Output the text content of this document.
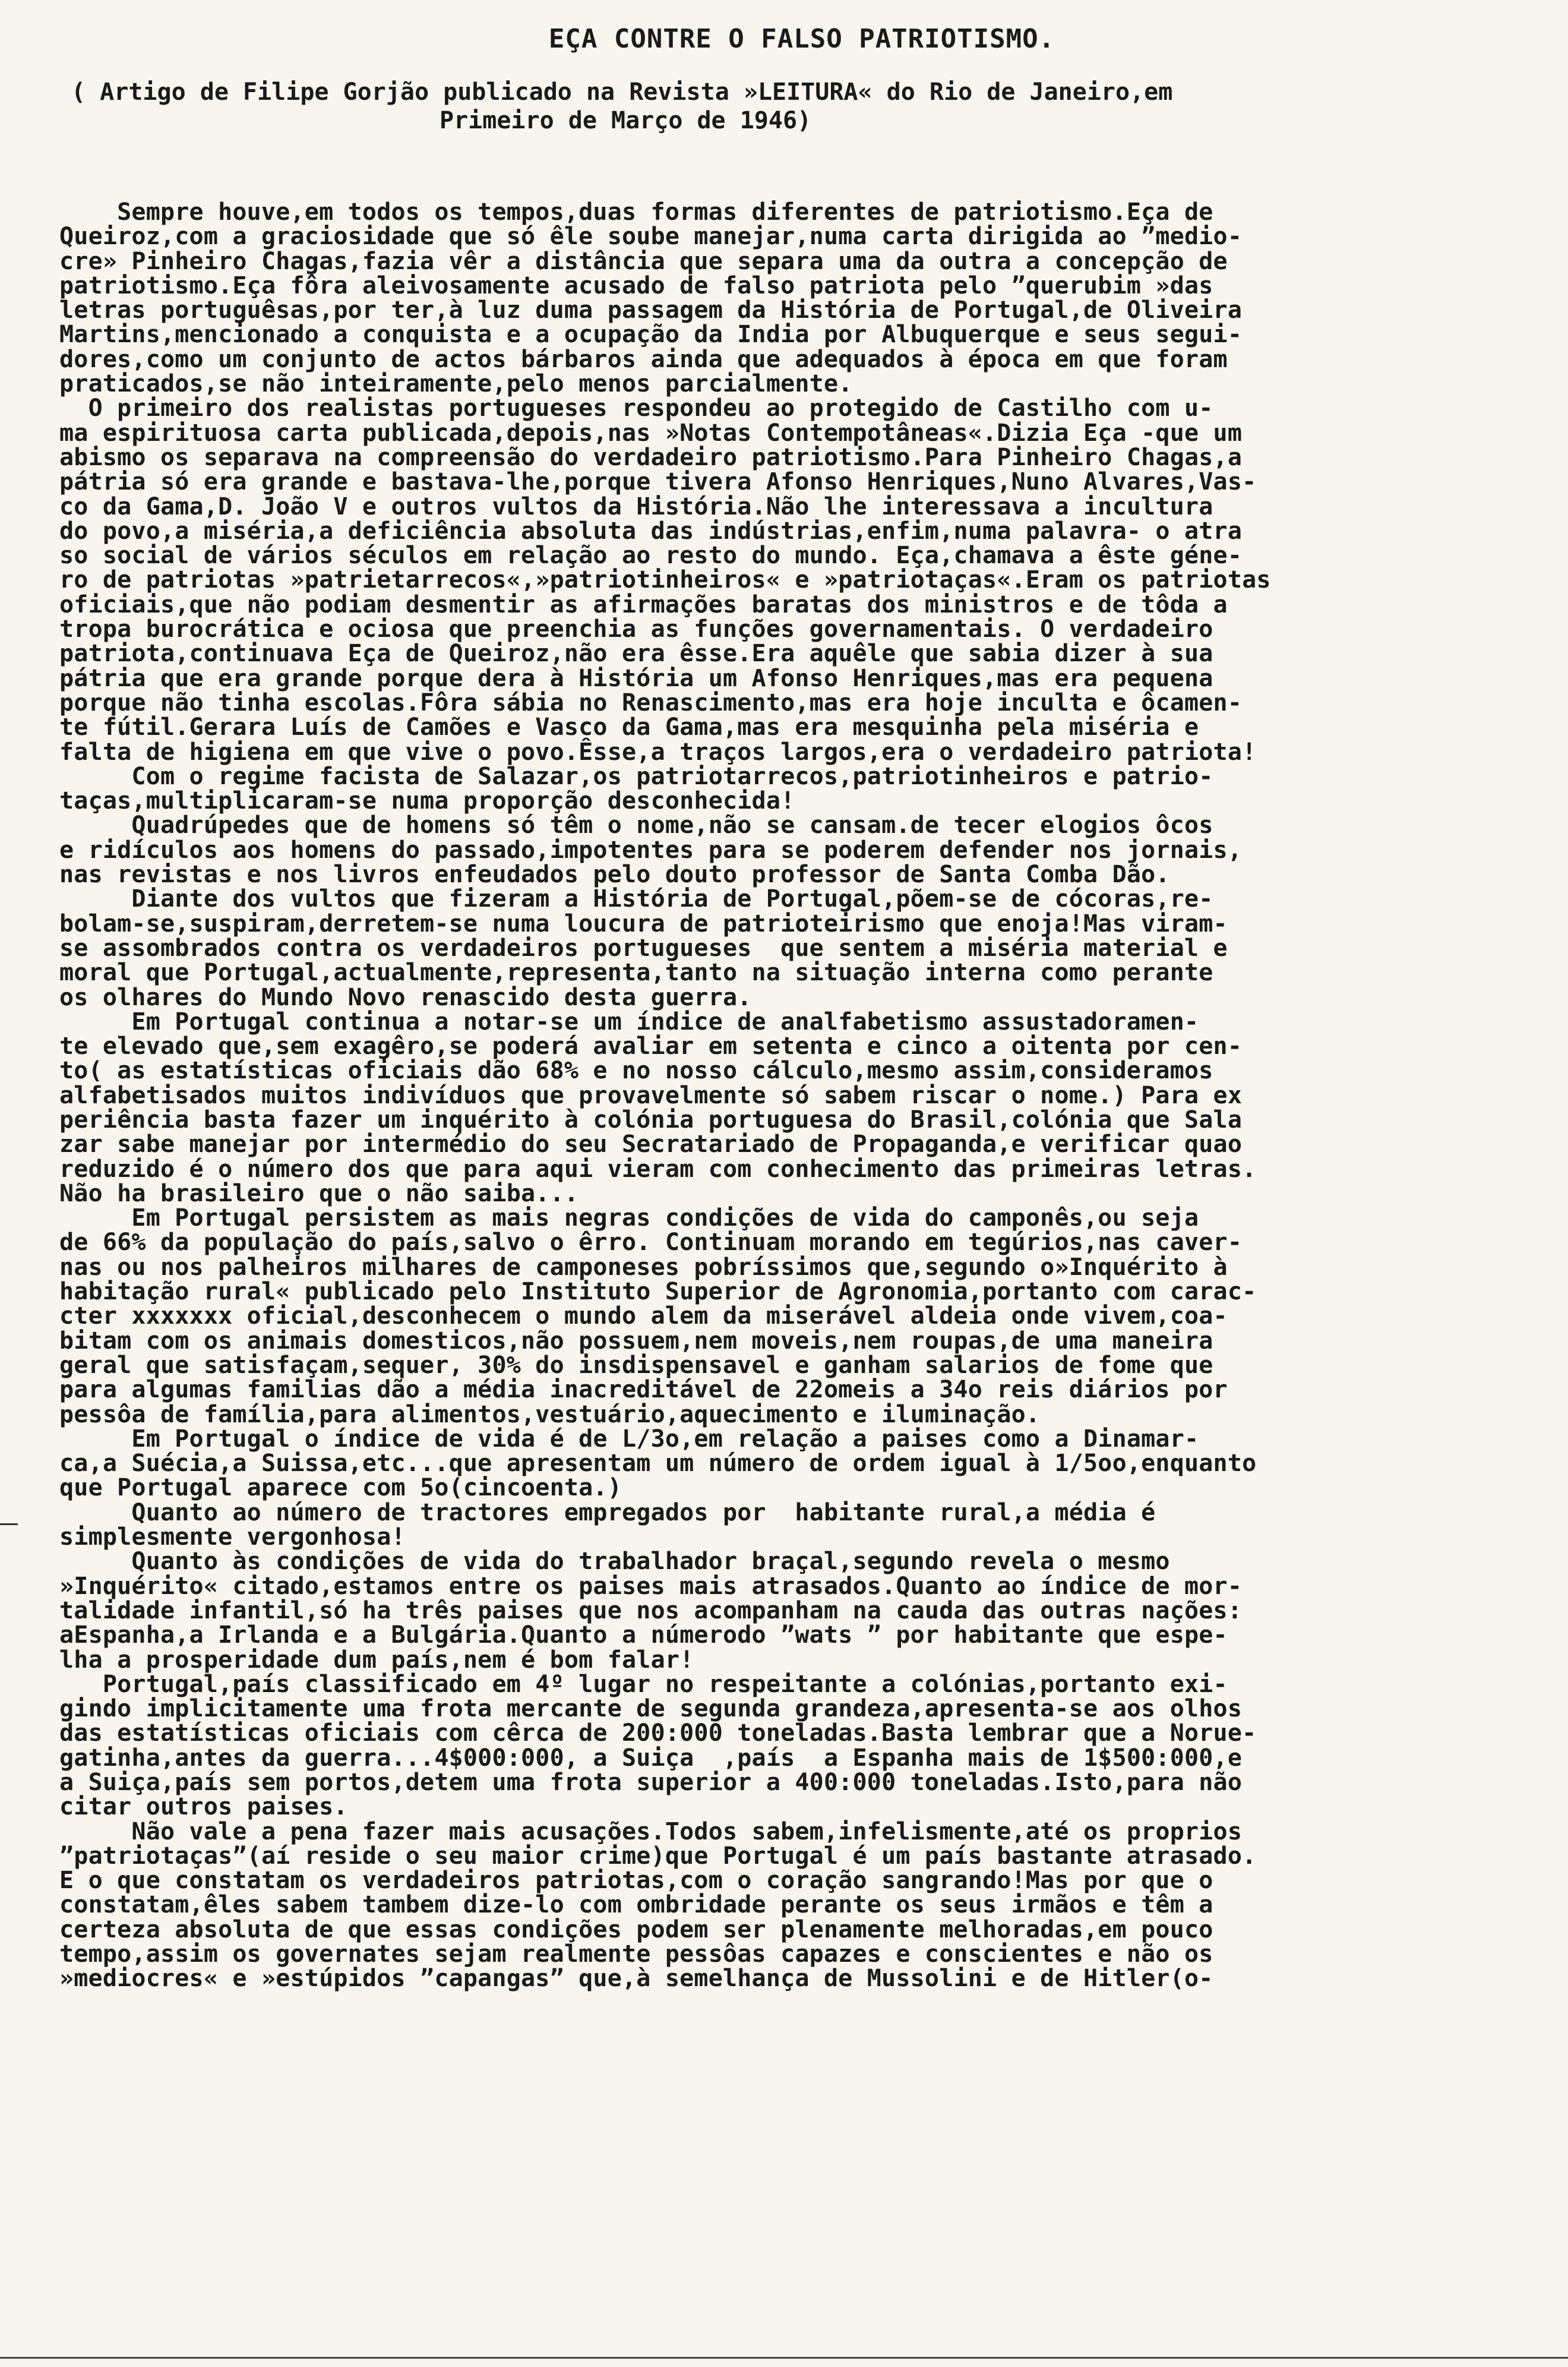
EÇA CONTRE O FALSO PATRIOTISMO.
( Artigo de Filipe Gorjão publicado na Revista »LEITURA« do Rio de Janeiro,em
Primeiro de Março de 1946)
Sempre houve,em todos os tempos,duas formas diferentes de patriotismo.Eça de
Queiroz,com a graciosidade que só êle soube manejar,numa carta dirigida ao ”medio-
cre» Pinheiro Chagas,fazia vêr a distância que separa uma da outra a concepção de
patriotismo.Eça fôra aleivosamente acusado de falso patriota pelo ”querubim »das
letras portuguêsas,por ter,à luz duma passagem da História de Portugal,de Oliveira
Martins,mencionado a conquista e a ocupação da India por Albuquerque e seus segui-
dores,como um conjunto de actos bárbaros ainda que adequados à época em que foram
praticados,se não inteiramente,pelo menos parcialmente.
O primeiro dos realistas portugueses respondeu ao protegido de Castilho com u-
ma espirituosa carta publicada,depois,nas »Notas Contempotâneas«.Dizia Eça -que um
abismo os separava na compreensão do verdadeiro patriotismo.Para Pinheiro Chagas,a
pátria só era grande e bastava-lhe,porque tivera Afonso Henriques,Nuno Alvares,Vas-
co da Gama,D. João V e outros vultos da História.Não lhe interessava a incultura
do povo,a miséria,a deficiência absoluta das indústrias,enfim,numa palavra- o atra
so social de vários séculos em relação ao resto do mundo. Eça,chamava a êste géne-
ro de patriotas »patrietarrecos«,»patriotinheiros« e »patriotaças«.Eram os patriotas
oficiais,que não podiam desmentir as afirmações baratas dos ministros e de tôda a
tropa burocrática e ociosa que preenchia as funções governamentais. O verdadeiro
patriota,continuava Eça de Queiroz,não era êsse.Era aquêle que sabia dizer à sua
pátria que era grande porque dera à História um Afonso Henriques,mas era pequena
porque não tinha escolas.Fôra sábia no Renascimento,mas era hoje inculta e ôcamen-
te fútil.Gerara Luís de Camões e Vasco da Gama,mas era mesquinha pela miséria e
falta de higiena em que vive o povo.Êsse,a traços largos,era o verdadeiro patriota!
Com o regime facista de Salazar,os patriotarrecos,patriotinheiros e patrio-
taças,multiplicaram-se numa proporção desconhecida!
Quadrúpedes que de homens só têm o nome,não se cansam.de tecer elogios ôcos
e ridículos aos homens do passado,impotentes para se poderem defender nos jornais,
nas revistas e nos livros enfeudados pelo douto professor de Santa Comba Dão.
Diante dos vultos que fizeram a História de Portugal,põem-se de cócoras,re-
bolam-se,suspiram,derretem-se numa loucura de patrioteirismo que enoja!Mas viram-
se assombrados contra os verdadeiros portugueses  que sentem a miséria material e
moral que Portugal,actualmente,representa,tanto na situação interna como perante
os olhares do Mundo Novo renascido desta guerra.
Em Portugal continua a notar-se um índice de analfabetismo assustadoramen-
te elevado que,sem exagêro,se poderá avaliar em setenta e cinco a oitenta por cen-
to( as estatísticas oficiais dão 68% e no nosso cálculo,mesmo assim,consideramos
alfabetisados muitos indivíduos que provavelmente só sabem riscar o nome.) Para ex
periência basta fazer um inquérito à colónia portuguesa do Brasil,colónia que Sala
zar sabe manejar por intermédio do seu Secratariado de Propaganda,e verificar quao
reduzido é o número dos que para aqui vieram com conhecimento das primeiras letras.
Não ha brasileiro que o não saiba...
Em Portugal persistem as mais negras condições de vida do camponês,ou seja
de 66% da população do país,salvo o êrro. Continuam morando em tegúrios,nas caver-
nas ou nos palheiros milhares de camponeses pobríssimos que,segundo o»Inquérito à
habitação rural« publicado pelo Instituto Superior de Agronomia,portanto com carac-
cter xxxxxxx oficial,desconhecem o mundo alem da miserável aldeia onde vivem,coa-
bitam com os animais domesticos,não possuem,nem moveis,nem roupas,de uma maneira
geral que satisfaçam,sequer, 30% do insdispensavel e ganham salarios de fome que
para algumas familias dão a média inacreditável de 22omeis a 34o reis diários por
pessôa de família,para alimentos,vestuário,aquecimento e iluminação.
Em Portugal o índice de vida é de L/3o,em relação a paises como a Dinamar-
ca,a Suécia,a Suissa,etc...que apresentam um número de ordem igual à 1/5oo,enquanto
que Portugal aparece com 5o(cincoenta.)
Quanto ao número de tractores empregados por  habitante rural,a média é
simplesmente vergonhosa!
Quanto às condições de vida do trabalhador braçal,segundo revela o mesmo
»Inquérito« citado,estamos entre os paises mais atrasados.Quanto ao índice de mor-
talidade infantil,só ha três paises que nos acompanham na cauda das outras nações:
aEspanha,a Irlanda e a Bulgária.Quanto a númerodo ”wats ” por habitante que espe-
lha a prosperidade dum país,nem é bom falar!
Portugal,país classificado em 4º lugar no respeitante a colónias,portanto exi-
gindo implicitamente uma frota mercante de segunda grandeza,apresenta-se aos olhos
das estatísticas oficiais com cêrca de 200:000 toneladas.Basta lembrar que a Norue-
gatinha,antes da guerra...4$000:000, a Suiça  ,país  a Espanha mais de 1$500:000,e
a Suiça,país sem portos,detem uma frota superior a 400:000 toneladas.Isto,para não
citar outros paises.
Não vale a pena fazer mais acusações.Todos sabem,infelismente,até os proprios
”patriotaças”(aí reside o seu maior crime)que Portugal é um país bastante atrasado.
E o que constatam os verdadeiros patriotas,com o coração sangrando!Mas por que o
constatam,êles sabem tambem dize-lo com ombridade perante os seus irmãos e têm a
certeza absoluta de que essas condições podem ser plenamente melhoradas,em pouco
tempo,assim os governates sejam realmente pessôas capazes e conscientes e não os
»mediocres« e »estúpidos ”capangas” que,à semelhança de Mussolini e de Hitler(o-
